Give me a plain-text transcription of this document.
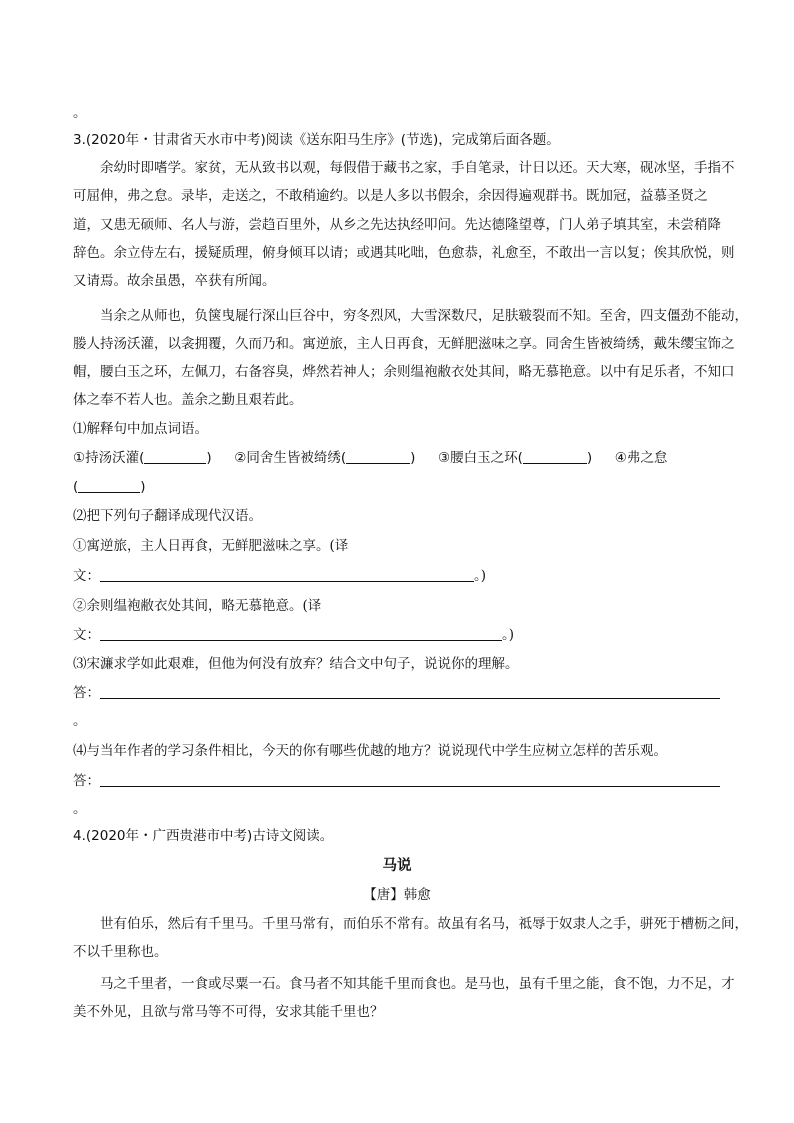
。
3.(2020年・甘肃省天水市中考)阅读《送东阳马生序》(节选)，完成第后面各题。
余幼时即嗜学。家贫，无从致书以观，每假借于藏书之家，手自笔录，计日以还。天大寒，砚冰坚，手指不
可屈伸，弗之怠。录毕，走送之，不敢稍逾约。以是人多以书假余，余因得遍观群书。既加冠，益慕圣贤之
道，又患无硕师、名人与游，尝趋百里外，从乡之先达执经叩问。先达德隆望尊，门人弟子填其室，未尝稍降
辞色。余立侍左右，援疑质理，俯身倾耳以请；或遇其叱咄，色愈恭，礼愈至，不敢出一言以复；俟其欣悦，则
又请焉。故余虽愚，卒获有所闻。
当余之从师也，负箧曳屣行深山巨谷中，穷冬烈风，大雪深数尺，足肤皲裂而不知。至舍，四支僵劲不能动，
媵人持汤沃灌，以衾拥覆，久而乃和。寓逆旅，主人日再食，无鲜肥滋味之享。同舍生皆被绮绣，戴朱缨宝饰之
帽，腰白玉之环，左佩刀，右备容臭，烨然若神人；余则缊袍敝衣处其间，略无慕艳意。以中有足乐者，不知口
体之奉不若人也。盖余之勤且艰若此。
⑴解释句中加点词语。
①持汤沃灌(	) ②同舍生皆被绮绣(	) ③腰白玉之环(	) ④弗之怠
(	)
⑵把下列句子翻译成现代汉语。
①寓逆旅，主人日再食，无鲜肥滋味之享。(译
文：	。)
②余则缊袍敝衣处其间，略无慕艳意。(译
文：	。)
⑶宋濂求学如此艰难，但他为何没有放弃？结合文中句子，说说你的理解。
答：
。
⑷与当年作者的学习条件相比，今天的你有哪些优越的地方？说说现代中学生应树立怎样的苦乐观。
答：
。
4.(2020年・广西贵港市中考)古诗文阅读。
马说
【唐】韩愈
世有伯乐，然后有千里马。千里马常有，而伯乐不常有。故虽有名马，祗辱于奴隶人之手，骈死于槽枥之间，
不以千里称也。
马之千里者，一食或尽粟一石。食马者不知其能千里而食也。是马也，虽有千里之能，食不饱，力不足，才
美不外见，且欲与常马等不可得，安求其能千里也？
